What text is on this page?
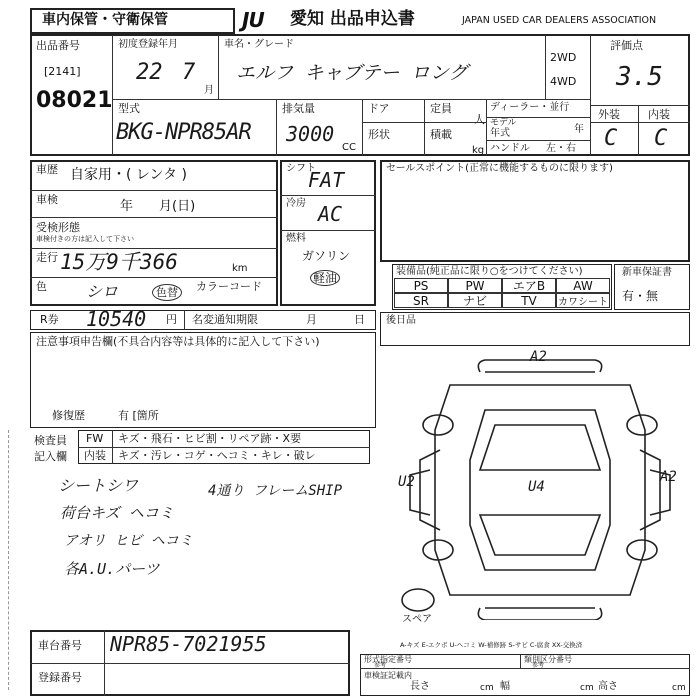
車内保管・守衛保管	JU 愛知 出品申込書	JAPAN USED CAR DEALERS ASSOCIATION
出品番号
[2141]
08021
初度登録年月
22 7
月
車名・グレード
エルフ キャブテー ロング
2WD
4WD
評価点
3.5
外装	内装
C C
型式
BKG-NPR85AR
排気量
3000
CC
ドア
形状
定員
人
積載
kg
ディーラー・並行
モデル
年式	年
ハンドル 左・右
車歴 自家用・( レンタ )
車検	年　　月(日)
受検形態
車検付きの方は記入して下さい
走行 15万9千366	km
色 シロ	色替	カラーコード
シフト
FAT
冷房 AC
燃料
ガソリン
軽油
セールスポイント(正常に機能するものに限ります)
装備品(純正品に限り○をつけてください)
PS	PW	エアB	AW
SR	ナビ	TV	カワシート
新車保証書
有・無
R券 10540 円 名変通知期限	月	日 後日品
注意事項申告欄(不具合内容等は具体的に記入して下さい)
修復歴	有 [箇所
検査員
記入欄
FW キズ・飛石・ヒビ割・リペア跡・X要
内装 キズ・汚レ・コゲ・ヘコミ・キレ・破レ
シートシワ
荷台キズ ヘコミ
アオリ ヒビ ヘコミ
各A.U.パーツ
4通り フレームSHIP
A2
U2	U4
A2
スペア
A-キズ E-エクボ U-ヘコミ W-補修跡 S-サビ C-腐食 XX-交換済
車台番号 NPR85-7021955
登録番号
形式指定番号
参考
類別区分番号
参考
車検証記載内
長さ	cm 幅	cm 高さ	cm
